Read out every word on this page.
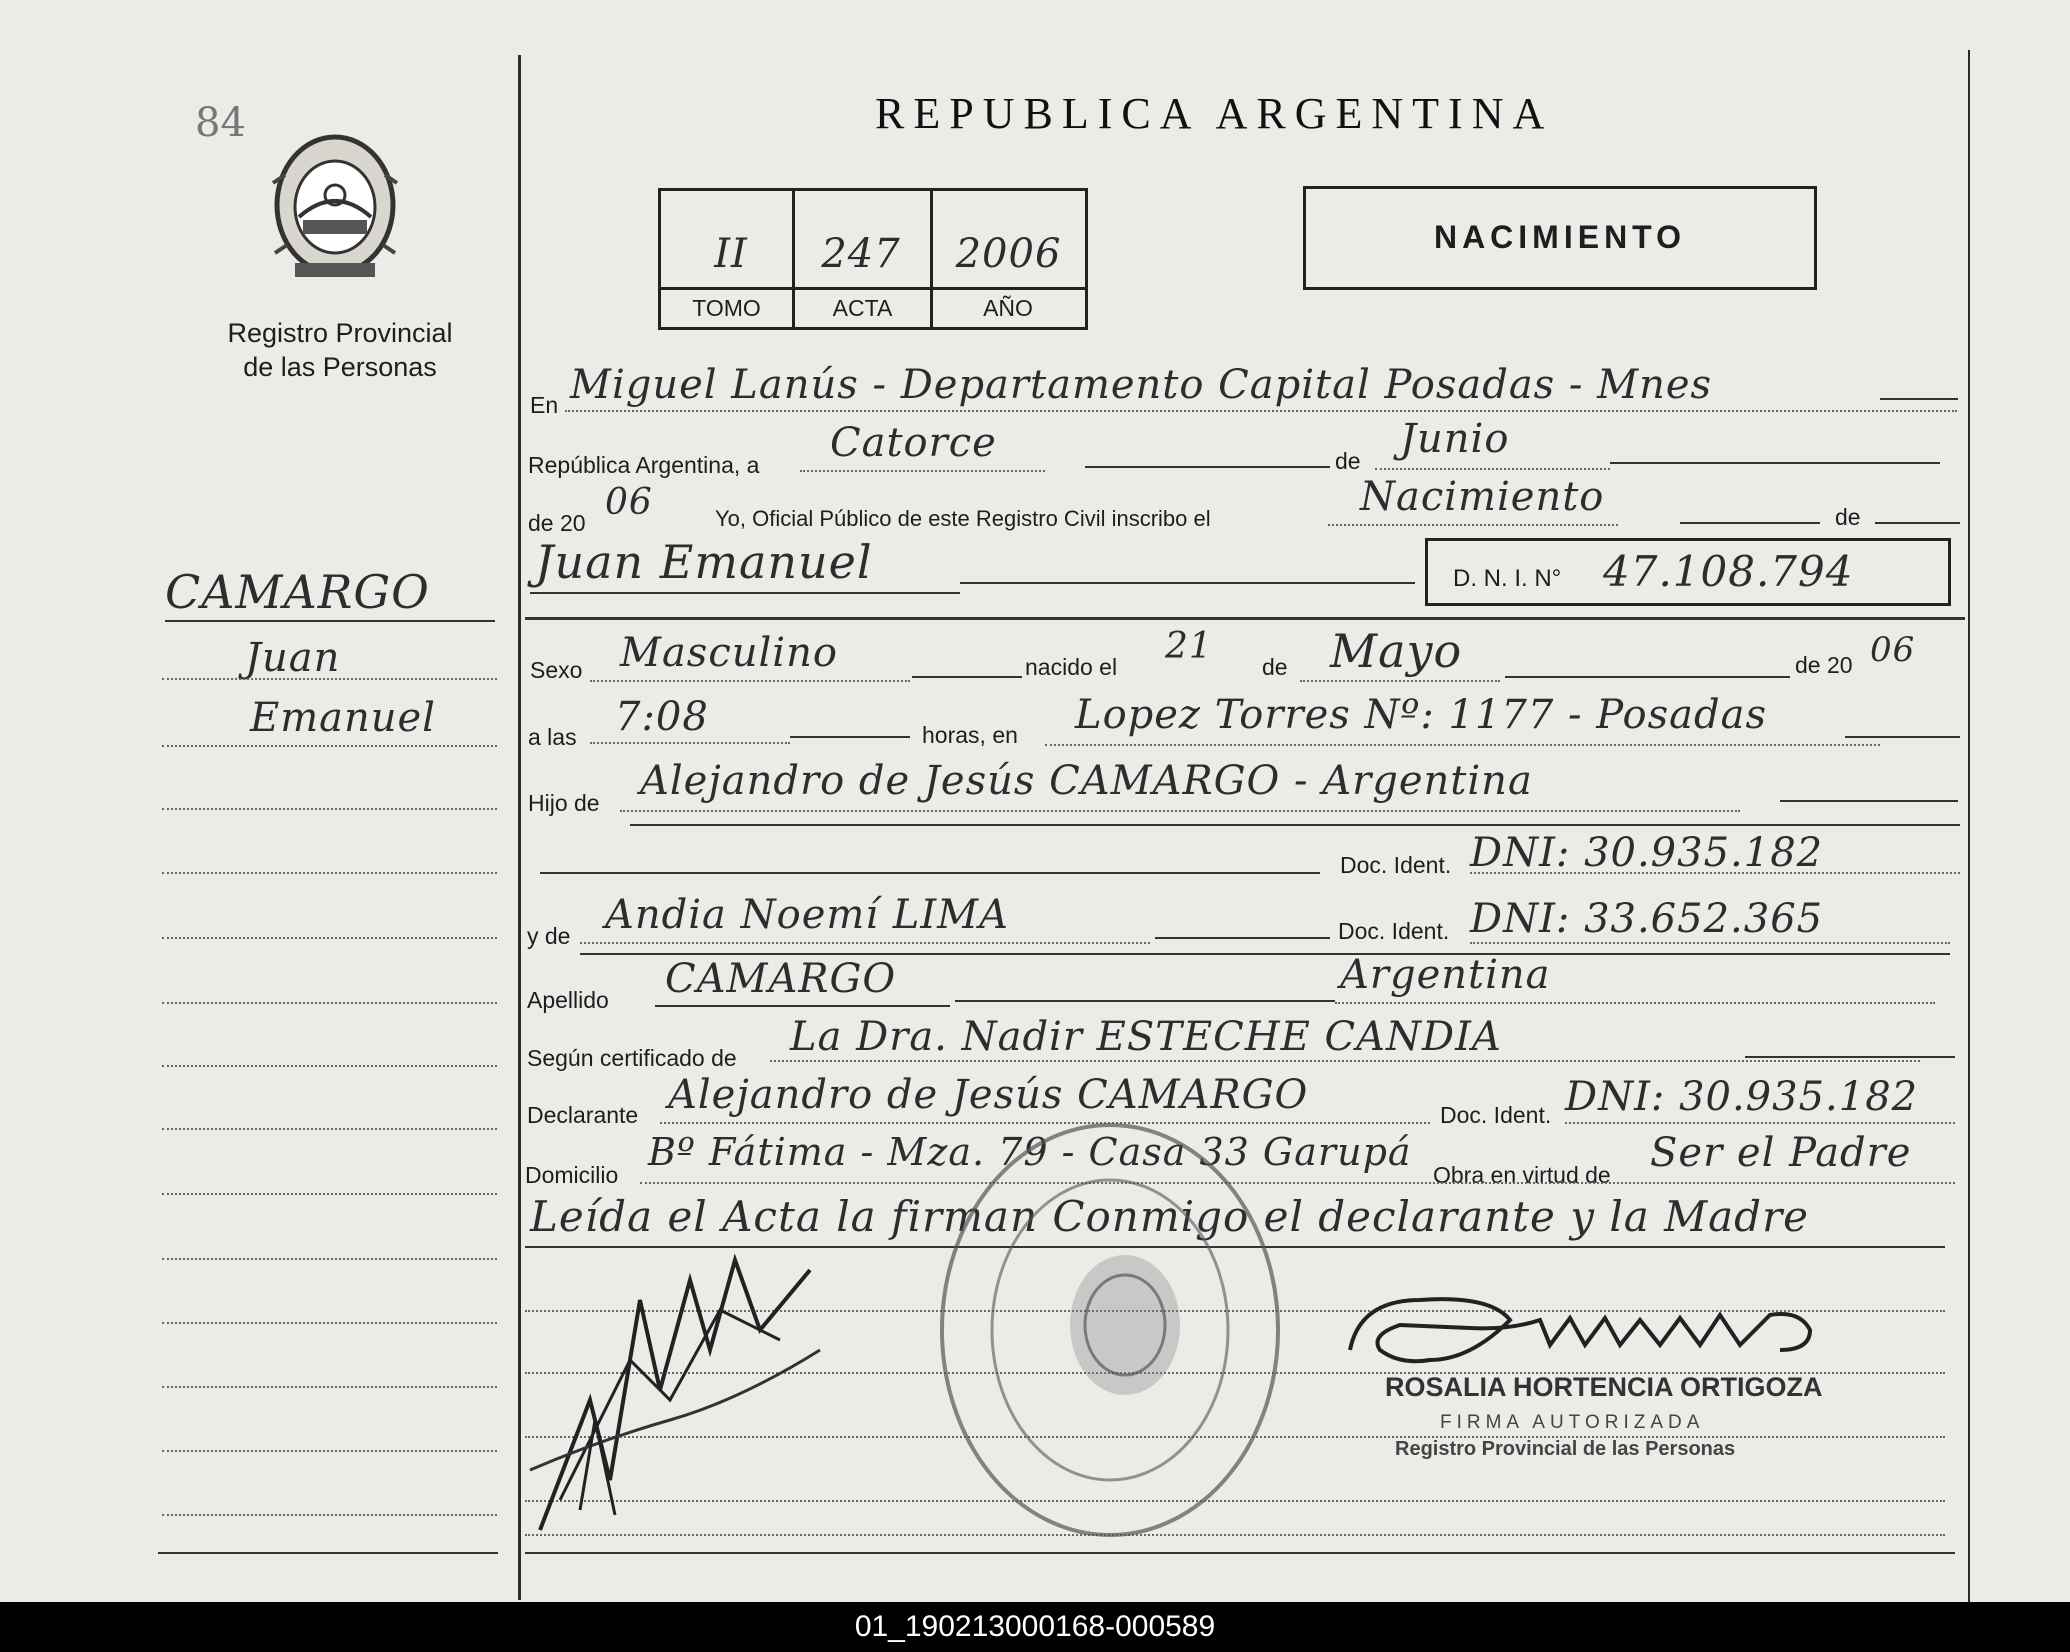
84
Registro Provincial
de las Personas
REPUBLICA ARGENTINA
II	247	2006
TOMO	ACTA	AÑO
NACIMIENTO
CAMARGO
Juan
Emanuel
En Miguel Lanús - Departamento Capital Posadas - Mnes
República Argentina, a Catorce	de Junio
de 20 06	Yo, Oficial Público de este Registro Civil inscribo el	Nacimiento	de
Juan Emanuel	D. N. I. N° 47.108.794
Sexo Masculino	nacido el 21 de Mayo	de 20 06
a las 7:08	horas, en Lopez Torres Nº: 1177 - Posadas
Hijo de Alejandro de Jesús CAMARGO - Argentina
Doc. Ident. DNI: 30.935.182
y de Andia Noemí LIMA	Doc. Ident. DNI: 33.652.365
Apellido CAMARGO	Argentina
Según certificado de La Dra. Nadir ESTECHE CANDIA
Declarante Alejandro de Jesús CAMARGO	Doc. Ident. DNI: 30.935.182
Domicilio
Bº Fátima - Mza. 79 - Casa 33 Garupá
Obra en virtud de Ser el Padre
Leída el Acta la firman Conmigo el declarante y la Madre
ROSALIA HORTENCIA ORTIGOZA
FIRMA AUTORIZADA
Registro Provincial de las Personas
01_190213000168-000589
